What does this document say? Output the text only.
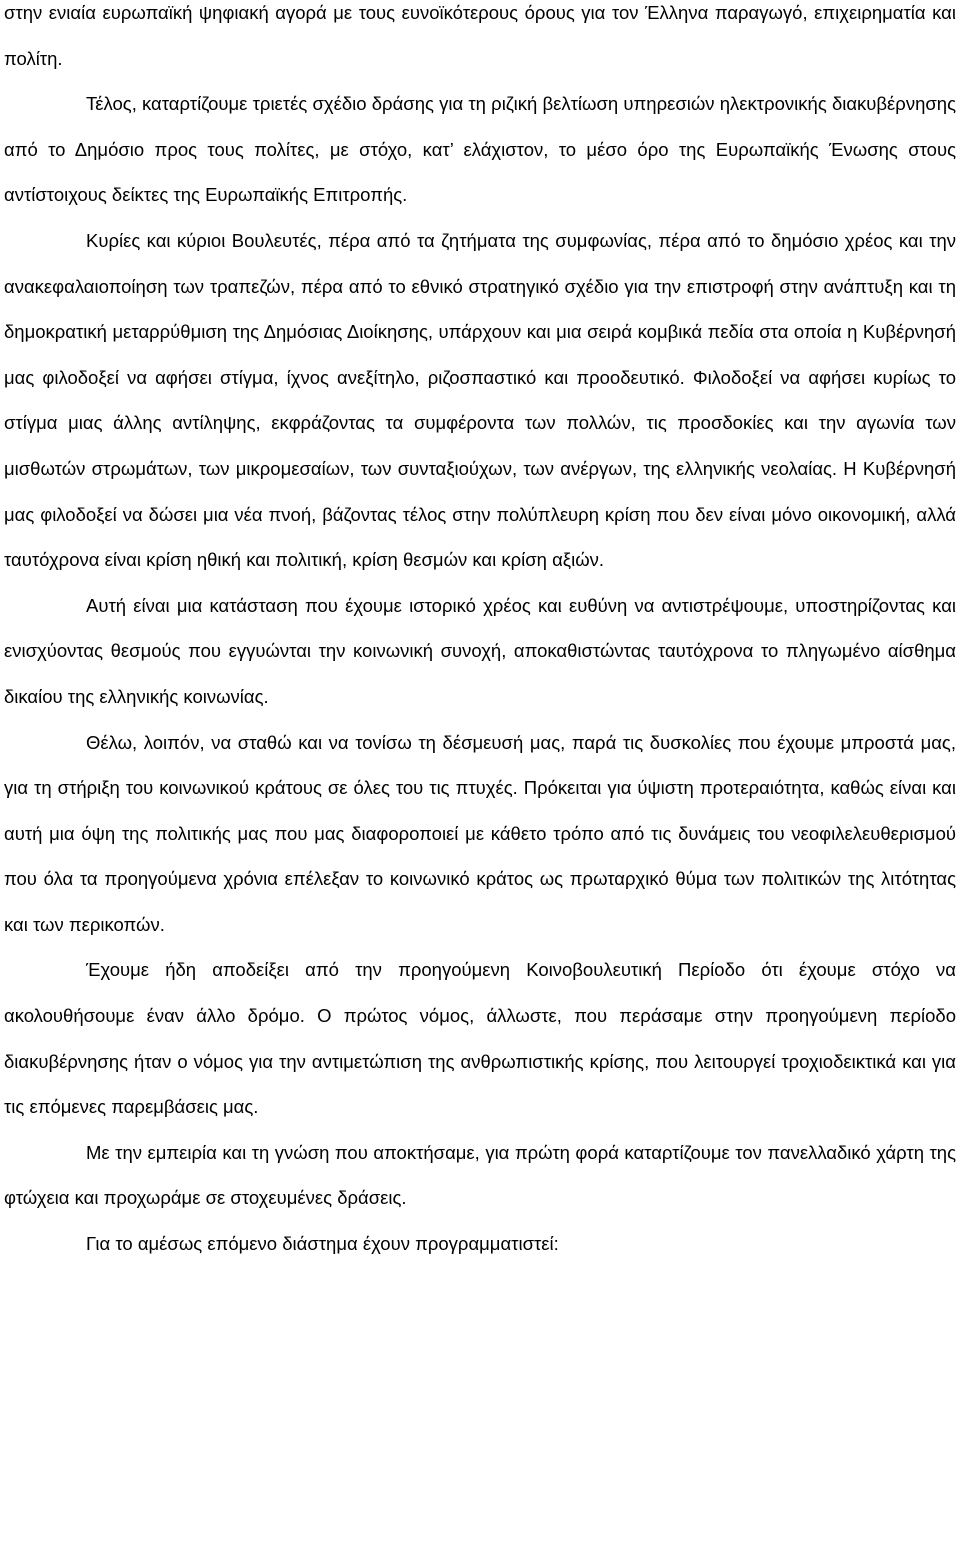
στην ενιαία ευρωπαϊκή ψηφιακή αγορά με τους ευνοϊκότερους όρους για τον Έλληνα παραγωγό, επιχειρηματία και πολίτη.

Τέλος, καταρτίζουμε τριετές σχέδιο δράσης για τη ριζική βελτίωση υπηρεσιών ηλεκτρονικής διακυβέρνησης από το Δημόσιο προς τους πολίτες, με στόχο, κατ’ ελάχιστον, το μέσο όρο της Ευρωπαϊκής Ένωσης στους αντίστοιχους δείκτες της Ευρωπαϊκής Επιτροπής.

Κυρίες και κύριοι Βουλευτές, πέρα από τα ζητήματα της συμφωνίας, πέρα από το δημόσιο χρέος και την ανακεφαλαιοποίηση των τραπεζών, πέρα από το εθνικό στρατηγικό σχέδιο για την επιστροφή στην ανάπτυξη και τη δημοκρατική μεταρρύθμιση της Δημόσιας Διοίκησης, υπάρχουν και μια σειρά κομβικά πεδία στα οποία η Κυβέρνησή μας φιλοδοξεί να αφήσει στίγμα, ίχνος ανεξίτηλο, ριζοσπαστικό και προοδευτικό. Φιλοδοξεί να αφήσει κυρίως το στίγμα μιας άλλης αντίληψης, εκφράζοντας τα συμφέροντα των πολλών, τις προσδοκίες και την αγωνία των μισθωτών στρωμάτων, των μικρομεσαίων, των συνταξιούχων, των ανέργων, της ελληνικής νεολαίας. Η Κυβέρνησή μας φιλοδοξεί να δώσει μια νέα πνοή, βάζοντας τέλος στην πολύπλευρη κρίση που δεν είναι μόνο οικονομική, αλλά ταυτόχρονα είναι κρίση ηθική και πολιτική, κρίση θεσμών και κρίση αξιών.

Αυτή είναι μια κατάσταση που έχουμε ιστορικό χρέος και ευθύνη να αντιστρέψουμε, υποστηρίζοντας και ενισχύοντας θεσμούς που εγγυώνται την κοινωνική συνοχή, αποκαθιστώντας ταυτόχρονα το πληγωμένο αίσθημα δικαίου της ελληνικής κοινωνίας.

Θέλω, λοιπόν, να σταθώ και να τονίσω τη δέσμευσή μας, παρά τις δυσκολίες που έχουμε μπροστά μας, για τη στήριξη του κοινωνικού κράτους σε όλες του τις πτυχές. Πρόκειται για ύψιστη προτεραιότητα, καθώς είναι και αυτή μια όψη της πολιτικής μας που μας διαφοροποιεί με κάθετο τρόπο από τις δυνάμεις του νεοφιλελευθερισμού που όλα τα προηγούμενα χρόνια επέλεξαν το κοινωνικό κράτος ως πρωταρχικό θύμα των πολιτικών της λιτότητας και των περικοπών.

Έχουμε ήδη αποδείξει από την προηγούμενη Κοινοβουλευτική Περίοδο ότι έχουμε στόχο να ακολουθήσουμε έναν άλλο δρόμο. Ο πρώτος νόμος, άλλωστε, που περάσαμε στην προηγούμενη περίοδο διακυβέρνησης ήταν ο νόμος για την αντιμετώπιση της ανθρωπιστικής κρίσης, που λειτουργεί τροχιοδεικτικά και για τις επόμενες παρεμβάσεις μας.

Με την εμπειρία και τη γνώση που αποκτήσαμε, για πρώτη φορά καταρτίζουμε τον πανελλαδικό χάρτη της φτώχεια και προχωράμε σε στοχευμένες δράσεις.

Για το αμέσως επόμενο διάστημα έχουν προγραμματιστεί:
